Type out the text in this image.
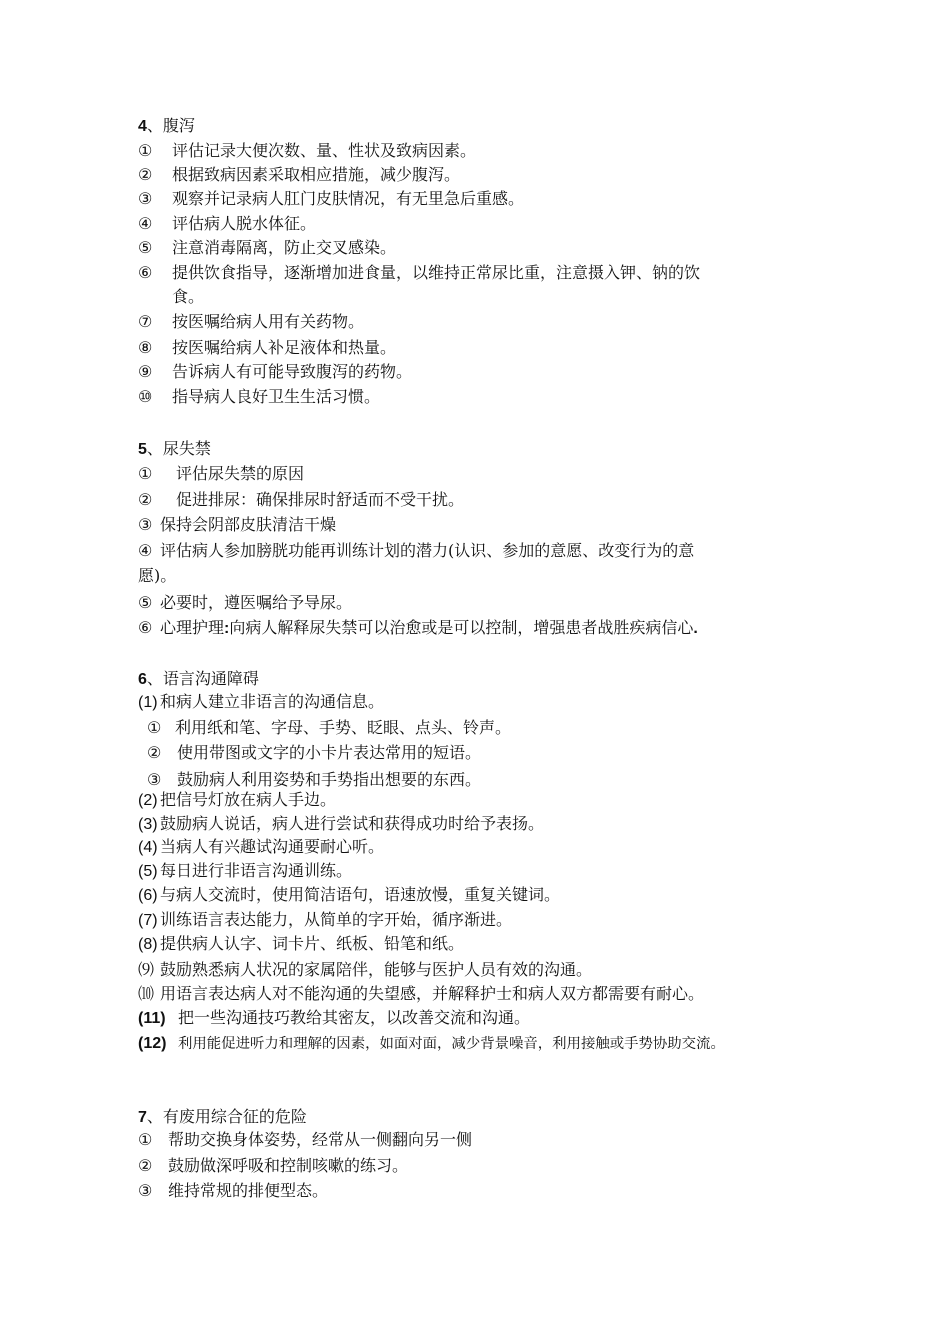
4、腹泻
① 评估记录大便次数、量、性状及致病因素。
② 根据致病因素采取相应措施，减少腹泻。
③ 观察并记录病人肛门皮肤情况，有无里急后重感。
④ 评估病人脱水体征。
⑤ 注意消毒隔离，防止交叉感染。
⑥ 提供饮食指导，逐渐增加进食量，以维持正常尿比重，注意摄入钾、钠的饮
食。
⑦ 按医嘱给病人用有关药物。
⑧ 按医嘱给病人补足液体和热量。
⑨ 告诉病人有可能导致腹泻的药物。
⑩ 指导病人良好卫生生活习惯。
5、尿失禁
① 评估尿失禁的原因
② 促进排尿：确保排尿时舒适而不受干扰。
③ 保持会阴部皮肤清洁干燥
④ 评估病人参加膀胱功能再训练计划的潜力(认识、参加的意愿、改变行为的意
愿)。
⑤ 必要时，遵医嘱给予导尿。
⑥ 心理护理:向病人解释尿失禁可以治愈或是可以控制，增强患者战胜疾病信心.
6、语言沟通障碍
(1) 和病人建立非语言的沟通信息。
① 利用纸和笔、字母、手势、眨眼、点头、铃声。
② 使用带图或文字的小卡片表达常用的短语。
③ 鼓励病人利用姿势和手势指出想要的东西。
(2) 把信号灯放在病人手边。
(3) 鼓励病人说话，病人进行尝试和获得成功时给予表扬。
(4) 当病人有兴趣试沟通要耐心听。
(5) 每日进行非语言沟通训练。
(6) 与病人交流时，使用简洁语句，语速放慢，重复关键词。
(7) 训练语言表达能力，从简单的字开始，循序渐进。
(8) 提供病人认字、词卡片、纸板、铅笔和纸。
⑼ 鼓励熟悉病人状况的家属陪伴，能够与医护人员有效的沟通。
⑽ 用语言表达病人对不能沟通的失望感，并解释护士和病人双方都需要有耐心。
(11) 把一些沟通技巧教给其密友，以改善交流和沟通。
(12) 利用能促进听力和理解的因素，如面对面，减少背景噪音，利用接触或手势协助交流。
7、有废用综合征的危险
① 帮助交换身体姿势，经常从一侧翻向另一侧
② 鼓励做深呼吸和控制咳嗽的练习。
③ 维持常规的排便型态。
